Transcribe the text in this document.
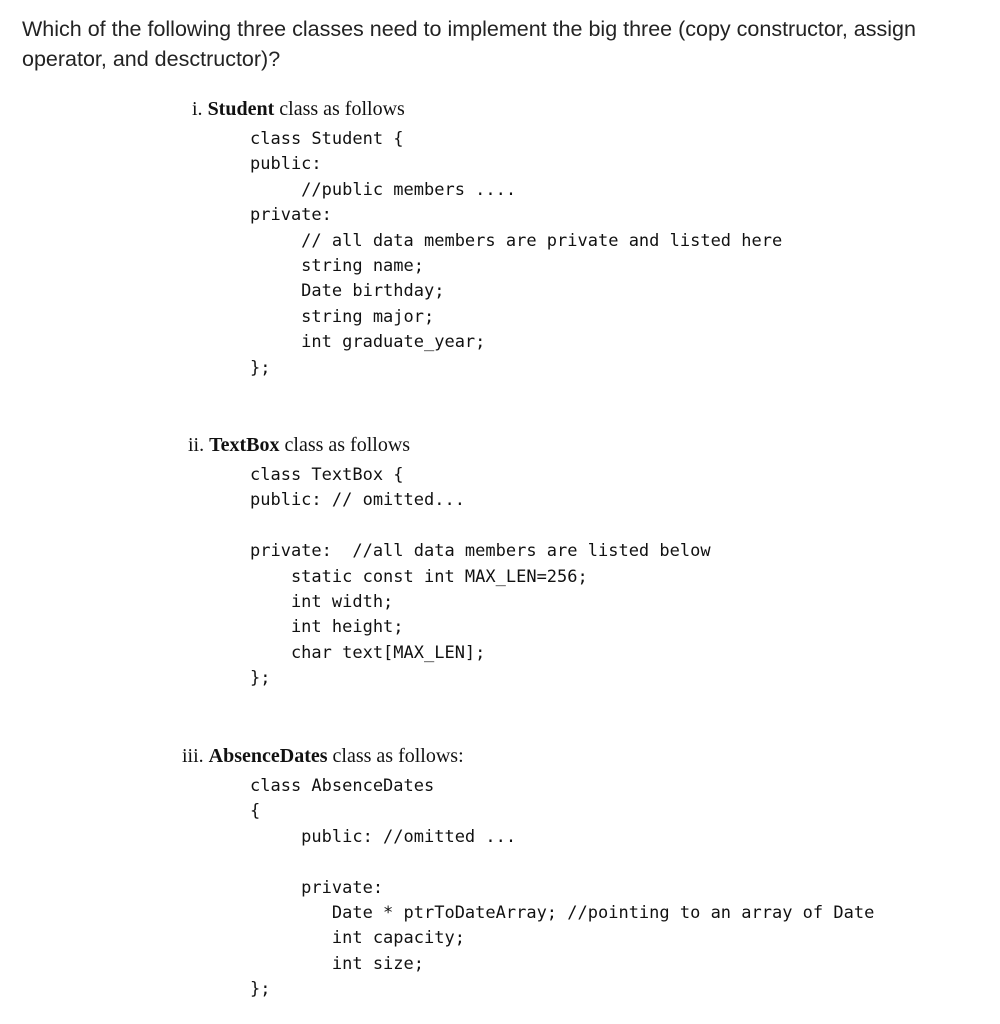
Which of the following three classes need to implement the big three (copy constructor, assign
operator, and desctructor)?
i. Student class as follows
class Student {
public:
//public members ....
private:
// all data members are private and listed here
string name;
Date birthday;
string major;
int graduate_year;
};
ii. TextBox class as follows
class TextBox {
public: // omitted...
private:  //all data members are listed below
static const int MAX_LEN=256;
int width;
int height;
char text[MAX_LEN];
};
iii. AbsenceDates class as follows:
class AbsenceDates
{
public: //omitted ...
private:
Date * ptrToDateArray; //pointing to an array of Date
int capacity;
int size;
};
